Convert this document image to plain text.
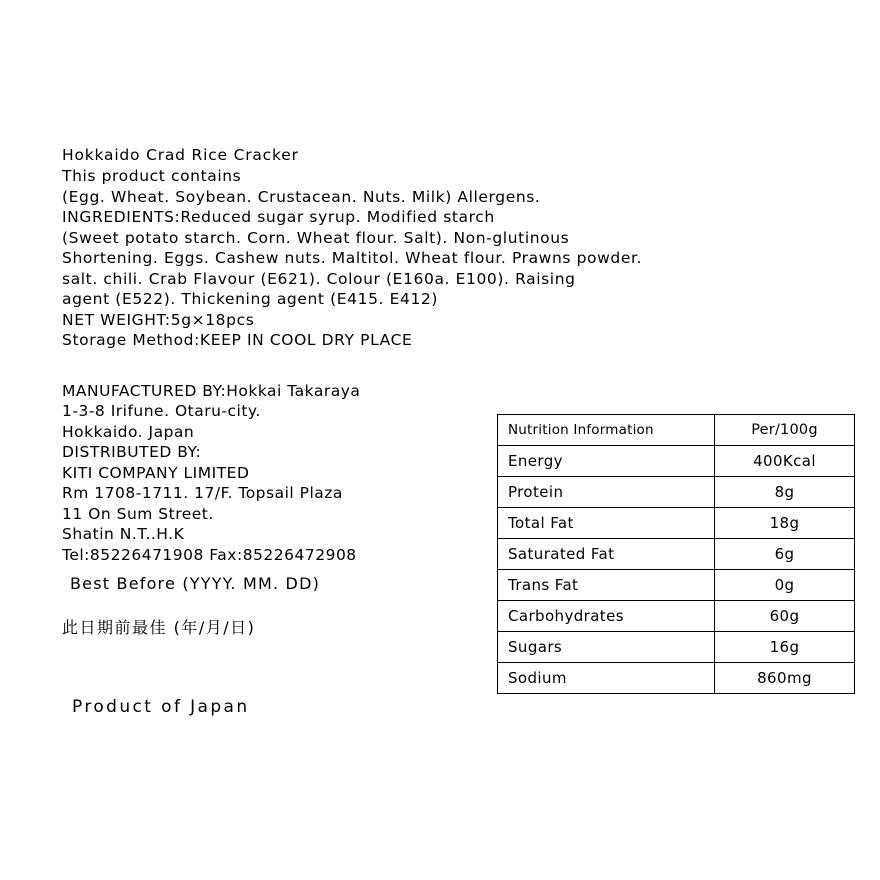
Hokkaido Crad Rice Cracker
This product contains
(Egg. Wheat. Soybean. Crustacean. Nuts. Milk) Allergens.
INGREDIENTS:Reduced sugar syrup. Modified starch
(Sweet potato starch. Corn. Wheat flour. Salt). Non-glutinous
Shortening. Eggs. Cashew nuts. Maltitol. Wheat flour. Prawns powder.
salt. chili. Crab Flavour (E621). Colour (E160a. E100). Raising
agent (E522). Thickening agent (E415. E412)
NET WEIGHT:5g×18pcs
Storage Method:KEEP IN COOL DRY PLACE
MANUFACTURED BY:Hokkai Takaraya
1-3-8 Irifune. Otaru-city.
Hokkaido. Japan
DISTRIBUTED BY:
KITI COMPANY LIMITED
Rm 1708-1711. 17/F. Topsail Plaza
11 On Sum Street.
Shatin N.T..H.K
Tel:85226471908 Fax:85226472908
Best Before (YYYY. MM. DD)
此日期前最佳 (年/月/日)
Product of Japan
Nutrition Information	Per/100g
Energy	400Kcal
Protein	8g
Total Fat	18g
Saturated Fat	6g
Trans Fat	0g
Carbohydrates	60g
Sugars	16g
Sodium	860mg
